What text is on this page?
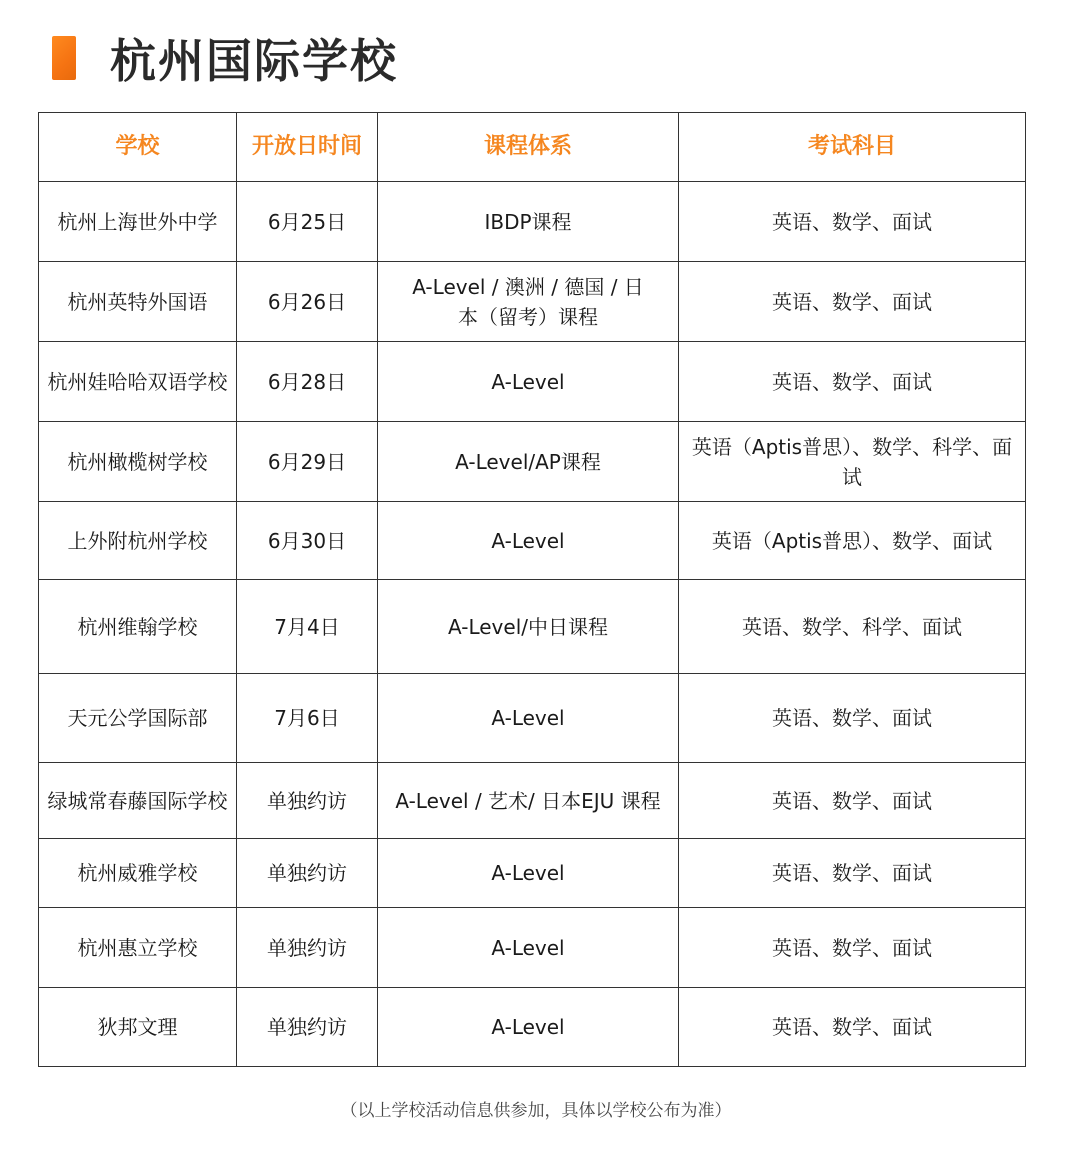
杭州国际学校
学校	开放日时间	课程体系	考试科目
杭州上海世外中学	6月25日	IBDP课程	英语、数学、面试
杭州英特外国语	6月26日	A-Level / 澳洲 / 德国 / 日本（留考）课程	英语、数学、面试
杭州娃哈哈双语学校	6月28日	A-Level	英语、数学、面试
杭州橄榄树学校	6月29日	A-Level/AP课程	英语（Aptis普思）、数学、科学、面试
上外附杭州学校	6月30日	A-Level	英语（Aptis普思）、数学、面试
杭州维翰学校	7月4日	A-Level/中日课程	英语、数学、科学、面试
天元公学国际部	7月6日	A-Level	英语、数学、面试
绿城常春藤国际学校	单独约访	A-Level / 艺术/ 日本EJU 课程	英语、数学、面试
杭州威雅学校	单独约访	A-Level	英语、数学、面试
杭州惠立学校	单独约访	A-Level	英语、数学、面试
狄邦文理	单独约访	A-Level	英语、数学、面试
（以上学校活动信息供参加，具体以学校公布为准）
